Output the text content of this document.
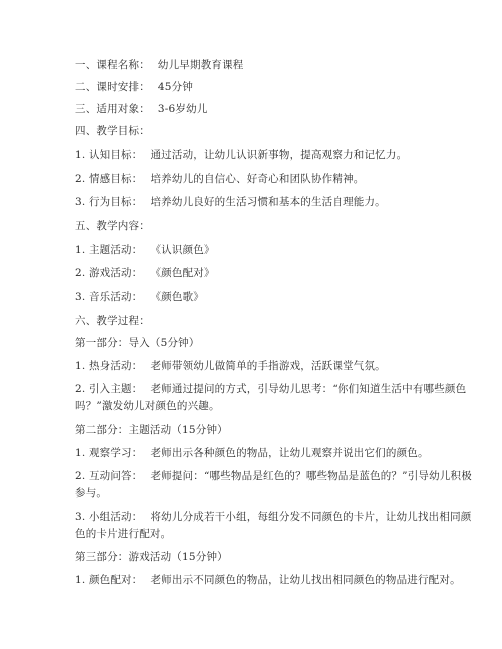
一、课程名称： 幼儿早期教育课程
二、课时安排： 45分钟
三、适用对象： 3-6岁幼儿
四、教学目标：
1. 认知目标： 通过活动，让幼儿认识新事物，提高观察力和记忆力。
2. 情感目标： 培养幼儿的自信心、好奇心和团队协作精神。
3. 行为目标： 培养幼儿良好的生活习惯和基本的生活自理能力。
五、教学内容：
1. 主题活动： 《认识颜色》
2. 游戏活动： 《颜色配对》
3. 音乐活动： 《颜色歌》
六、教学过程：
第一部分：导入（5分钟）
1. 热身活动： 老师带领幼儿做简单的手指游戏，活跃课堂气氛。
2. 引入主题： 老师通过提问的方式，引导幼儿思考：“你们知道生活中有哪些颜色吗？”激发幼儿对颜色的兴趣。
第二部分：主题活动（15分钟）
1. 观察学习： 老师出示各种颜色的物品，让幼儿观察并说出它们的颜色。
2. 互动问答： 老师提问：“哪些物品是红色的？哪些物品是蓝色的？”引导幼儿积极参与。
3. 小组活动： 将幼儿分成若干小组，每组分发不同颜色的卡片，让幼儿找出相同颜色的卡片进行配对。
第三部分：游戏活动（15分钟）
1. 颜色配对： 老师出示不同颜色的物品，让幼儿找出相同颜色的物品进行配对。
